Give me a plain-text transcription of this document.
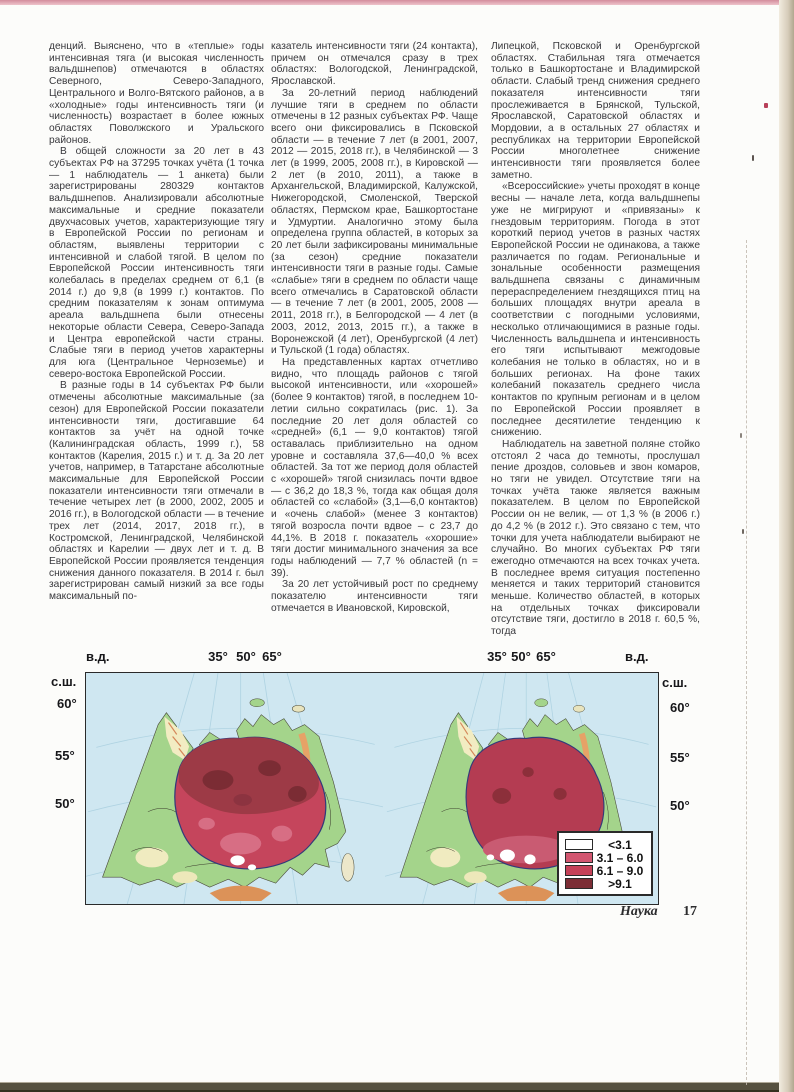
денций. Выяснено, что в «теплые» годы интенсивная тяга (и высокая численность вальдшнепов) отмечаются в областях Северного, Северо-Западного, Центрального и Волго-Вятского районов, а в «холодные» годы интенсивность тяги (и численность) возрастает в более южных областях Поволжского и Уральского районов.

В общей сложности за 20 лет в 43 субъектах РФ на 37295 точках учёта (1 точка — 1 наблюдатель — 1 анкета) были зарегистрированы 280329 контактов вальдшнепов. Анализировали абсолютные максимальные и средние показатели двухчасовых учетов, характеризующие тягу в Европейской России по регионам и областям, выявлены территории с интенсивной и слабой тягой. В целом по Европейской России интенсивность тяги колебалась в пределах среднем от 6,1 (в 2014 г.) до 9,8 (в 1999 г.) контактов. По средним показателям к зонам оптимума ареала вальдшнепа были отнесены некоторые области Севера, Северо-Запада и Центра европейской части страны. Слабые тяги в период учетов характерны для юга (Центральное Черноземье) и северо-востока Европейской России.

В разные годы в 14 субъектах РФ были отмечены абсолютные максимальные (за сезон) для Европейской России показатели интенсивности тяги, достигавшие 64 контактов за учёт на одной точке (Калининградская область, 1999 г.), 58 контактов (Карелия, 2015 г.) и т. д. За 20 лет учетов, например, в Татарстане абсолютные максимальные для Европейской России показатели интенсивности тяги отмечали в течение четырех лет (в 2000, 2002, 2005 и 2016 гг.), в Вологодской области — в течение трех лет (2014, 2017, 2018 гг.), в Костромской, Ленинградской, Челябинской областях и Карелии — двух лет и т. д. В Европейской России проявляется тенденция снижения данного показателя. В 2014 г. был зарегистрирован самый низкий за все годы максимальный по-

казатель интенсивности тяги (24 контакта), причем он отмечался сразу в трех областях: Вологодской, Ленинградской, Ярославской.

За 20-летний период наблюдений лучшие тяги в среднем по области отмечены в 12 разных субъектах РФ. Чаще всего они фиксировались в Псковской области — в течение 7 лет (в 2001, 2007, 2012 — 2015, 2018 гг.), в Челябинской — 3 лет (в 1999, 2005, 2008 гг.), в Кировской — 2 лет (в 2010, 2011), а также в Архангельской, Владимирской, Калужской, Нижегородской, Смоленской, Тверской областях, Пермском крае, Башкортостане и Удмуртии. Аналогично этому была определена группа областей, в которых за 20 лет были зафиксированы минимальные (за сезон) средние показатели интенсивности тяги в разные годы. Самые «слабые» тяги в среднем по области чаще всего отмечались в Саратовской области — в течение 7 лет (в 2001, 2005, 2008 — 2011, 2018 гг.), в Белгородской — 4 лет (в 2003, 2012, 2013, 2015 гг.), а также в Воронежской (4 лет), Оренбургской (4 лет) и Тульской (1 года) областях.

На представленных картах отчетливо видно, что площадь районов с тягой высокой интенсивности, или «хорошей» (более 9 контактов) тягой, в последнем 10-летии сильно сократилась (рис. 1). За последние 20 лет доля областей со «средней» (6,1 — 9,0 контактов) тягой оставалась приблизительно на одном уровне и составляла 37,6—40,0 % всех областей. За тот же период доля областей с «хорошей» тягой снизилась почти вдвое — с 36,2 до 18,3 %, тогда как общая доля областей со «слабой» (3,1—6,0 контактов) и «очень слабой» (менее 3 контактов) тягой возросла почти вдвое – с 23,7 до 44,1%. В 2018 г. показатель «хорошие» тяги достиг минимального значения за все годы наблюдений — 7,7 % областей (n = 39).

За 20 лет устойчивый рост по среднему показателю интенсивности тяги отмечается в Ивановской, Кировской,

Липецкой, Псковской и Оренбургской областях. Стабильная тяга отмечается только в Башкортостане и Владимирской области. Слабый тренд снижения среднего показателя интенсивности тяги прослеживается в Брянской, Тульской, Ярославской, Саратовской областях и Мордовии, а в остальных 27 областях и республиках на территории Европейской России многолетнее снижение интенсивности тяги проявляется более заметно.

«Всероссийские» учеты проходят в конце весны — начале лета, когда вальдшнепы уже не мигрируют и «привязаны» к гнездовым территориям. Погода в этот короткий период учетов в разных частях Европейской России не одинакова, а также различается по годам. Региональные и зональные особенности размещения вальдшнепа связаны с динамичным перераспределением гнездящихся птиц на больших площадях внутри ареала в соответствии с погодными условиями, несколько отличающимися в разные годы. Численность вальдшнепа и интенсивность его тяги испытывают межгодовые колебания не только в областях, но и в больших регионах. На фоне таких колебаний показатель среднего числа контактов по крупным регионам и в целом по Европейской России проявляет в последнее десятилетие тенденцию к снижению.

Наблюдатель на заветной поляне стойко отстоял 2 часа до темноты, прослушал пение дроздов, соловьев и звон комаров, но тяги не увидел. Отсутствие тяги на точках учёта также является важным показателем. В целом по Европейской России он не велик, — от 1,3 % (в 2006 г.) до 4,2 % (в 2012 г.). Это связано с тем, что точки для учета наблюдатели выбирают не случайно. Во многих субъектах РФ тяги ежегодно отмечаются на всех точках учета. В последнее время ситуация постепенно меняется и таких территорий становится меньше. Количество областей, в которых на отдельных точках фиксировали отсутствие тяги, достигло в 2018 г. 60,5 %, тогда

в.д.	35° 50° 65°	35° 50° 65°	в.д.
с.ш.
60°
55°
50°
с.ш.
60°
55°
50°
<3.1
3.1 – 6.0
6.1 – 9.0
>9.1
Наука 17
